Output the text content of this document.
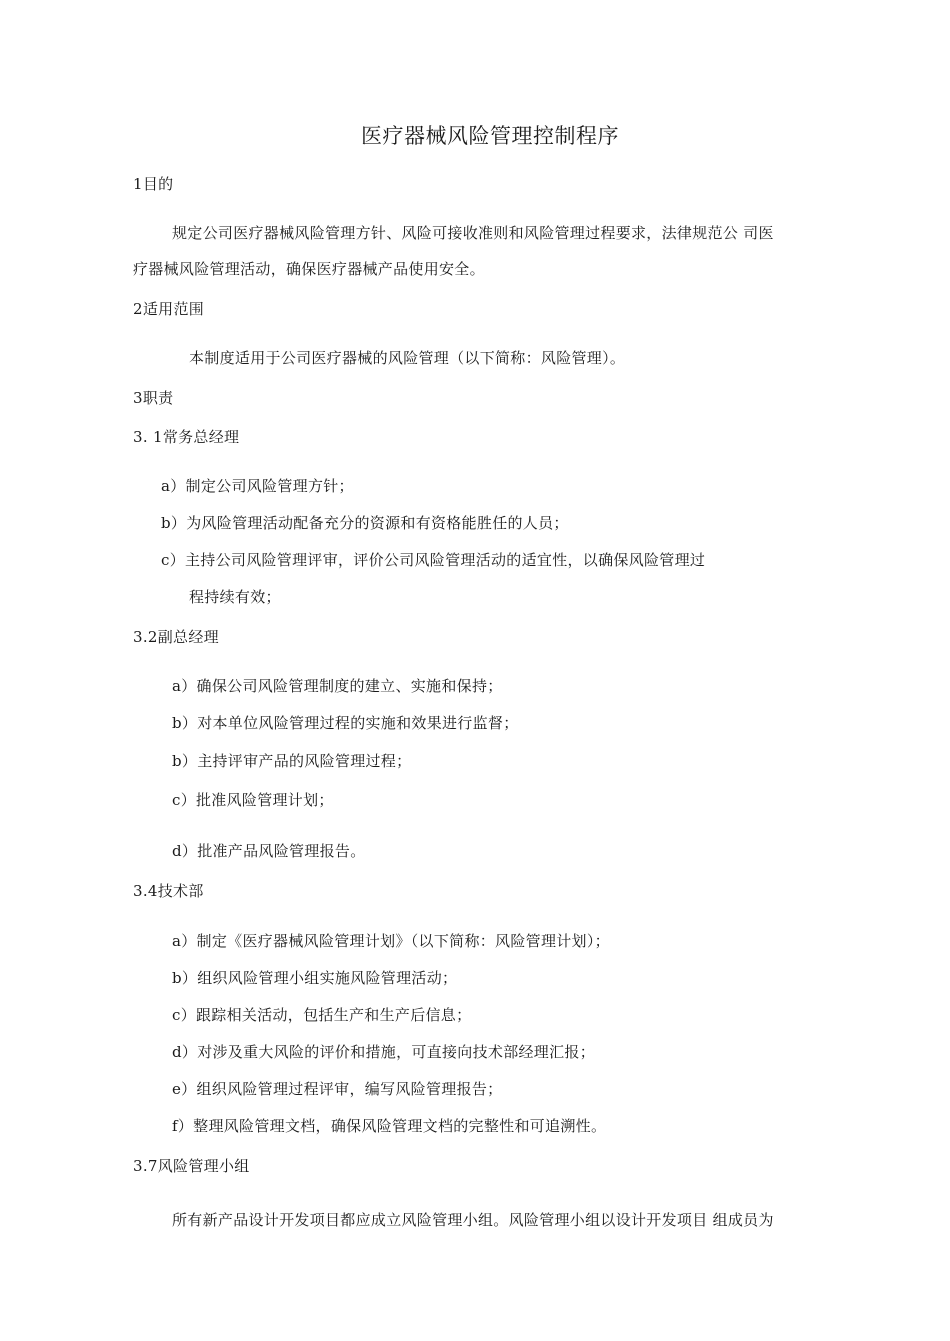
医疗器械风险管理控制程序
1目的
规定公司医疗器械风险管理方针、风险可接收准则和风险管理过程要求，法律规范公 司医
疗器械风险管理活动，确保医疗器械产品使用安全。
2适用范围
本制度适用于公司医疗器械的风险管理（以下简称：风险管理）。
3职责
3. 1常务总经理
a）制定公司风险管理方针；
b）为风险管理活动配备充分的资源和有资格能胜任的人员；
c）主持公司风险管理评审，评价公司风险管理活动的适宜性，以确保风险管理过
程持续有效；
3.2副总经理
a）确保公司风险管理制度的建立、实施和保持；
b）对本单位风险管理过程的实施和效果进行监督；
b）主持评审产品的风险管理过程；
c）批准风险管理计划；
d）批准产品风险管理报告。
3.4技术部
a）制定《医疗器械风险管理计划》（以下简称：风险管理计划）；
b）组织风险管理小组实施风险管理活动；
c）跟踪相关活动，包括生产和生产后信息；
d）对涉及重大风险的评价和措施，可直接向技术部经理汇报；
e）组织风险管理过程评审，编写风险管理报告；
f）整理风险管理文档，确保风险管理文档的完整性和可追溯性。
3.7风险管理小组
所有新产品设计开发项目都应成立风险管理小组。风险管理小组以设计开发项目 组成员为
